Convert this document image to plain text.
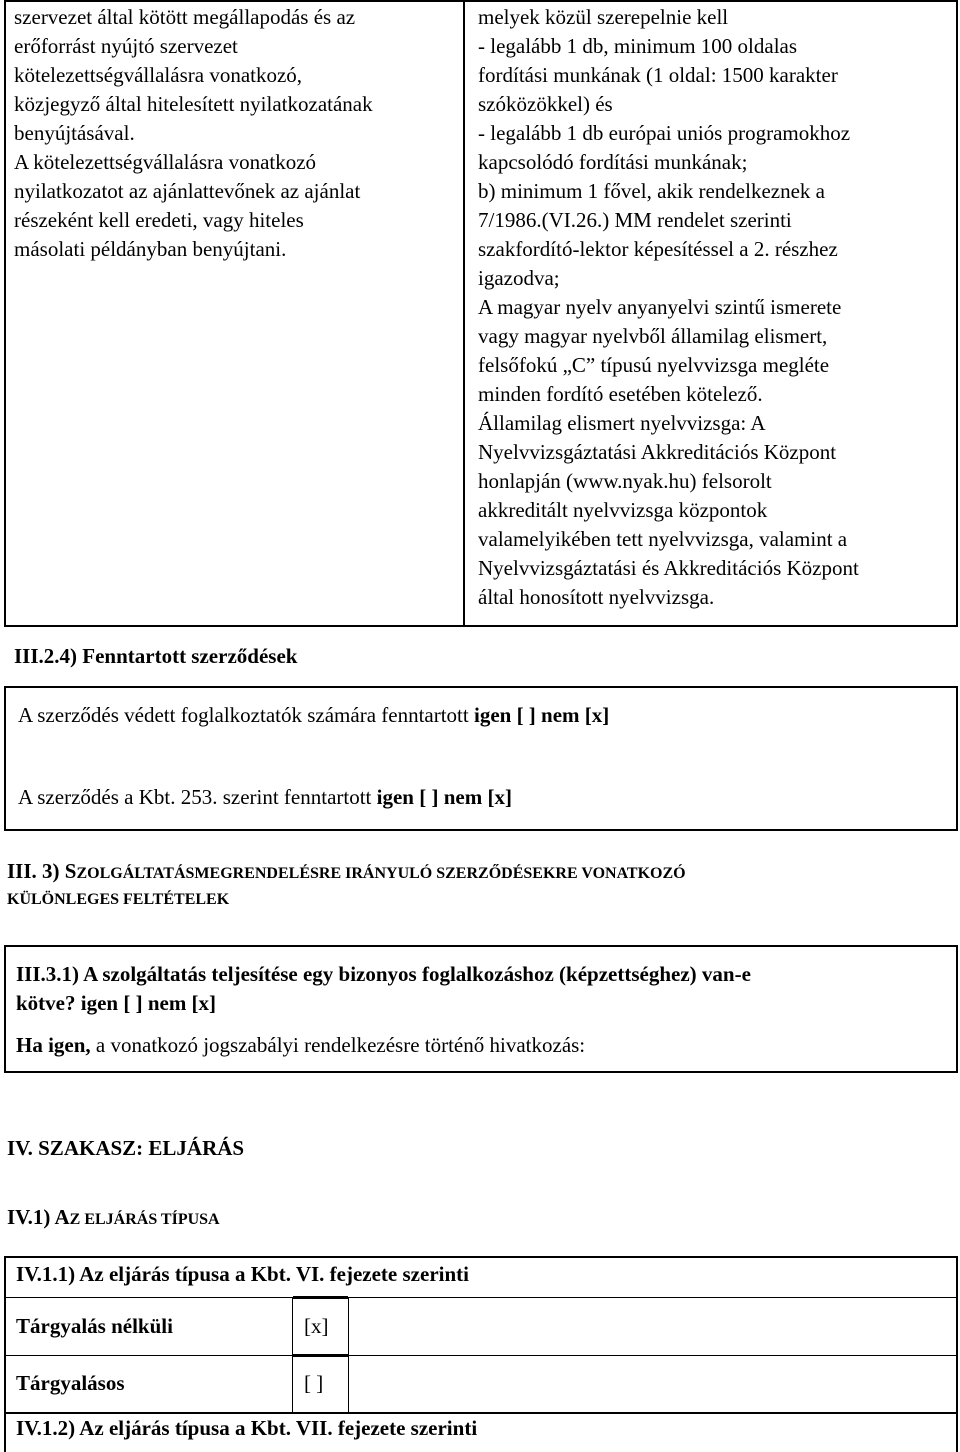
szervezet által kötött megállapodás és az
erőforrást nyújtó szervezet
kötelezettségvállalásra vonatkozó,
közjegyző által hitelesített nyilatkozatának
benyújtásával.
A kötelezettségvállalásra vonatkozó
nyilatkozatot az ajánlattevőnek az ajánlat
részeként kell eredeti, vagy hiteles
másolati példányban benyújtani.
melyek közül szerepelnie kell
- legalább 1 db, minimum 100 oldalas
fordítási munkának (1 oldal: 1500 karakter
szóközökkel) és
- legalább 1 db európai uniós programokhoz
kapcsolódó fordítási munkának;
b) minimum 1 fővel, akik rendelkeznek a
7/1986.(VI.26.) MM rendelet szerinti
szakfordító-lektor képesítéssel a 2. részhez
igazodva;
A magyar nyelv anyanyelvi szintű ismerete
vagy magyar nyelvből államilag elismert,
felsőfokú „C” típusú nyelvvizsga megléte
minden fordító esetében kötelező.
Államilag elismert nyelvvizsga: A
Nyelvvizsgáztatási Akkreditációs Központ
honlapján (www.nyak.hu) felsorolt
akkreditált nyelvvizsga központok
valamelyikében tett nyelvvizsga, valamint a
Nyelvvizsgáztatási és Akkreditációs Központ
által honosított nyelvvizsga.
III.2.4) Fenntartott szerződések
A szerződés védett foglalkoztatók számára fenntartott igen [ ] nem [x]
A szerződés a Kbt. 253. szerint fenntartott igen [ ] nem [x]
III. 3) SZOLGÁLTATÁSMEGRENDELÉSRE IRÁNYULÓ SZERZŐDÉSEKRE VONATKOZÓ
KÜLÖNLEGES FELTÉTELEK
III.3.1) A szolgáltatás teljesítése egy bizonyos foglalkozáshoz (képzettséghez) van-e
kötve? igen [ ] nem [x]
Ha igen, a vonatkozó jogszabályi rendelkezésre történő hivatkozás:
IV. SZAKASZ: ELJÁRÁS
IV.1) AZ ELJÁRÁS TÍPUSA
IV.1.1) Az eljárás típusa a Kbt. VI. fejezete szerinti
Tárgyalás nélküli	[x]
Tárgyalásos	[ ]
IV.1.2) Az eljárás típusa a Kbt. VII. fejezete szerinti
